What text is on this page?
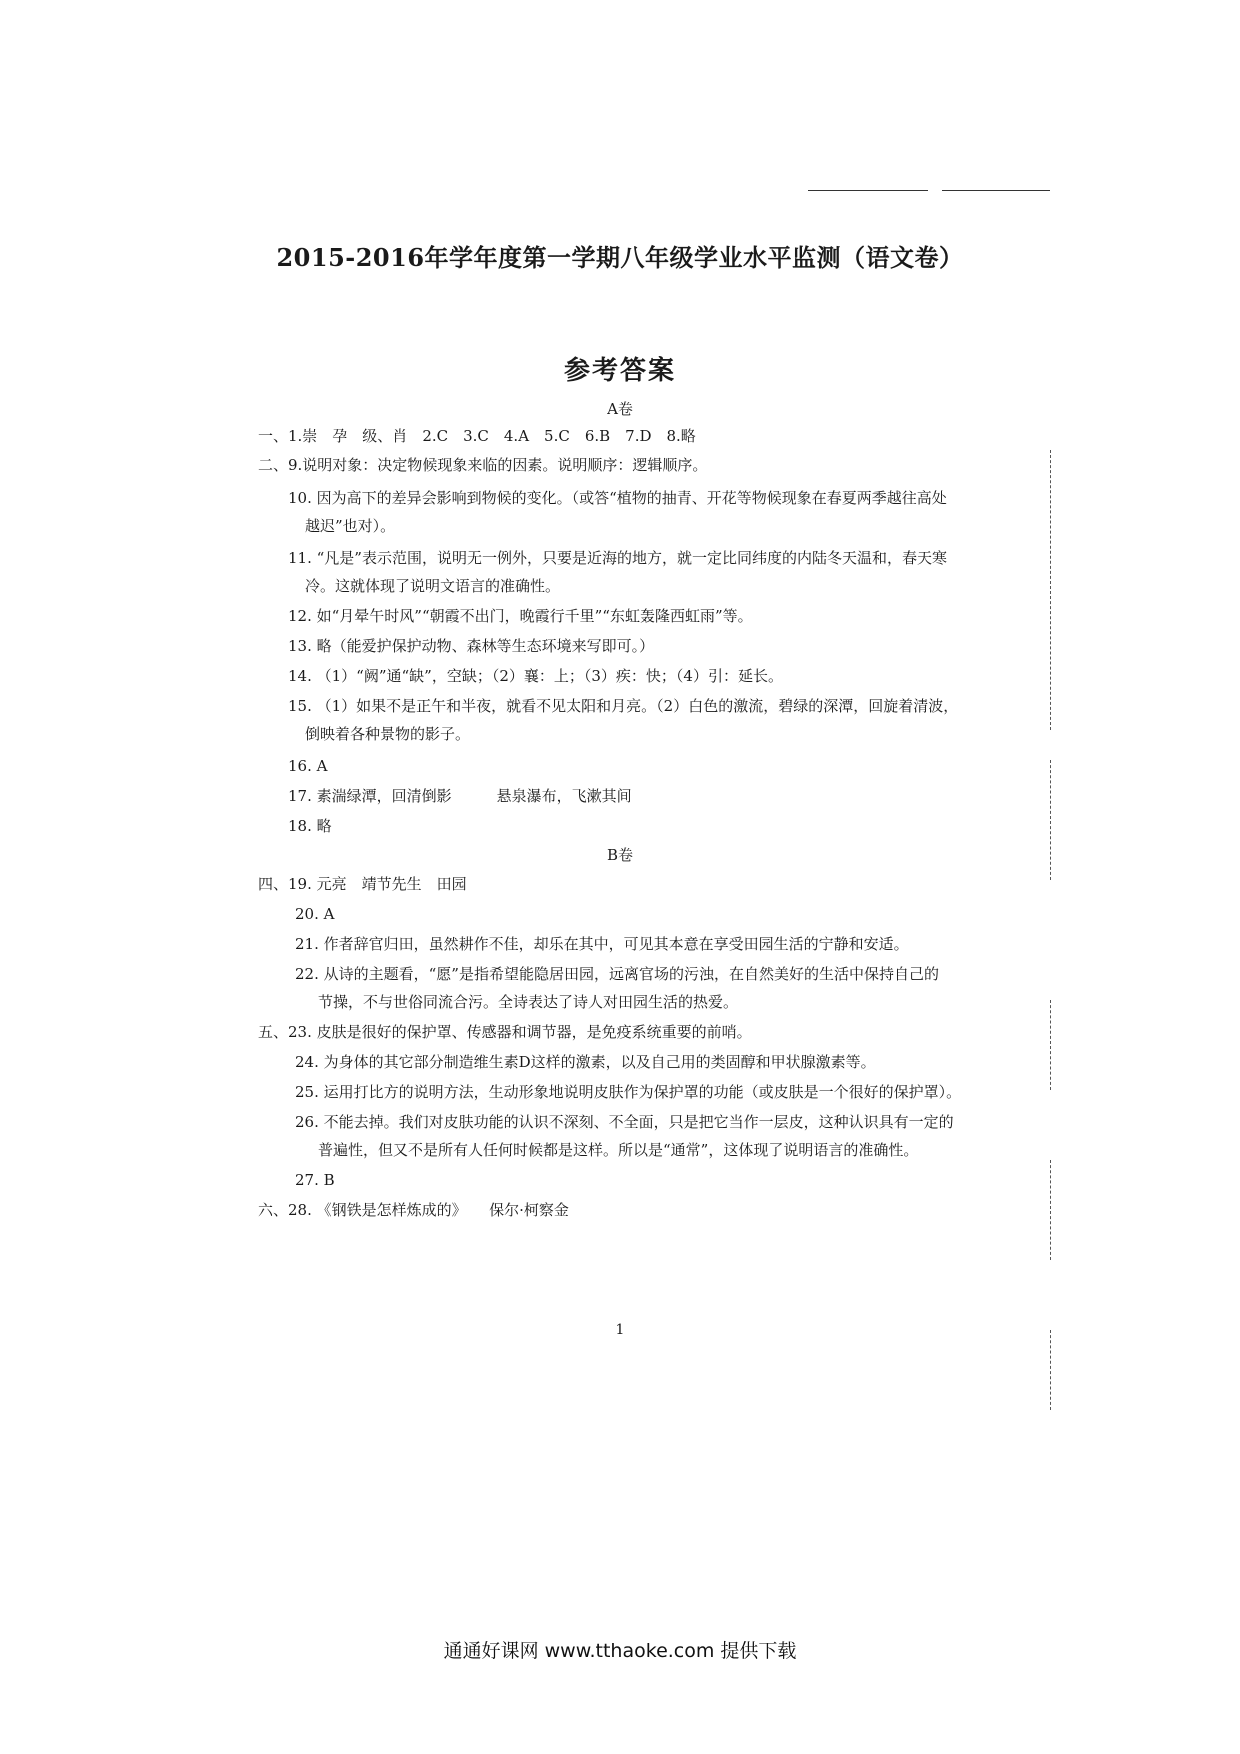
2015-2016年学年度第一学期八年级学业水平监测（语文卷）
参考答案
A卷
一、1.崇　孕　级、肖　2.C　3.C　4.A　5.C　6.B　7.D　8.略
二、9.说明对象：决定物候现象来临的因素。说明顺序：逻辑顺序。
10. 因为高下的差异会影响到物候的变化。（或答“植物的抽青、开花等物候现象在春夏两季越往高处
越迟”也对）。
11. “凡是”表示范围，说明无一例外，只要是近海的地方，就一定比同纬度的内陆冬天温和，春天寒
冷。这就体现了说明文语言的准确性。
12. 如“月晕午时风”“朝霞不出门，晚霞行千里”“东虹轰隆西虹雨”等。
13. 略（能爱护保护动物、森林等生态环境来写即可。）
14. （1）“阙”通“缺”，空缺；（2）襄：上；（3）疾：快；（4）引：延长。
15. （1）如果不是正午和半夜，就看不见太阳和月亮。（2）白色的激流，碧绿的深潭，回旋着清波，
倒映着各种景物的影子。
16. A
17. 素湍绿潭，回清倒影　　　悬泉瀑布，飞漱其间
18. 略
B卷
四、19. 元亮　靖节先生　田园
20. A
21. 作者辞官归田，虽然耕作不佳，却乐在其中，可见其本意在享受田园生活的宁静和安适。
22. 从诗的主题看，“愿”是指希望能隐居田园，远离官场的污浊，在自然美好的生活中保持自己的
节操，不与世俗同流合污。全诗表达了诗人对田园生活的热爱。
五、23. 皮肤是很好的保护罩、传感器和调节器，是免疫系统重要的前哨。
24. 为身体的其它部分制造维生素D这样的激素，以及自己用的类固醇和甲状腺激素等。
25. 运用打比方的说明方法，生动形象地说明皮肤作为保护罩的功能（或皮肤是一个很好的保护罩）。
26. 不能去掉。我们对皮肤功能的认识不深刻、不全面，只是把它当作一层皮，这种认识具有一定的
普遍性，但又不是所有人任何时候都是这样。所以是“通常”，这体现了说明语言的准确性。
27. B
六、28. 《钢铁是怎样炼成的》　　保尔·柯察金
1
通通好课网 www.tthaoke.com 提供下载
